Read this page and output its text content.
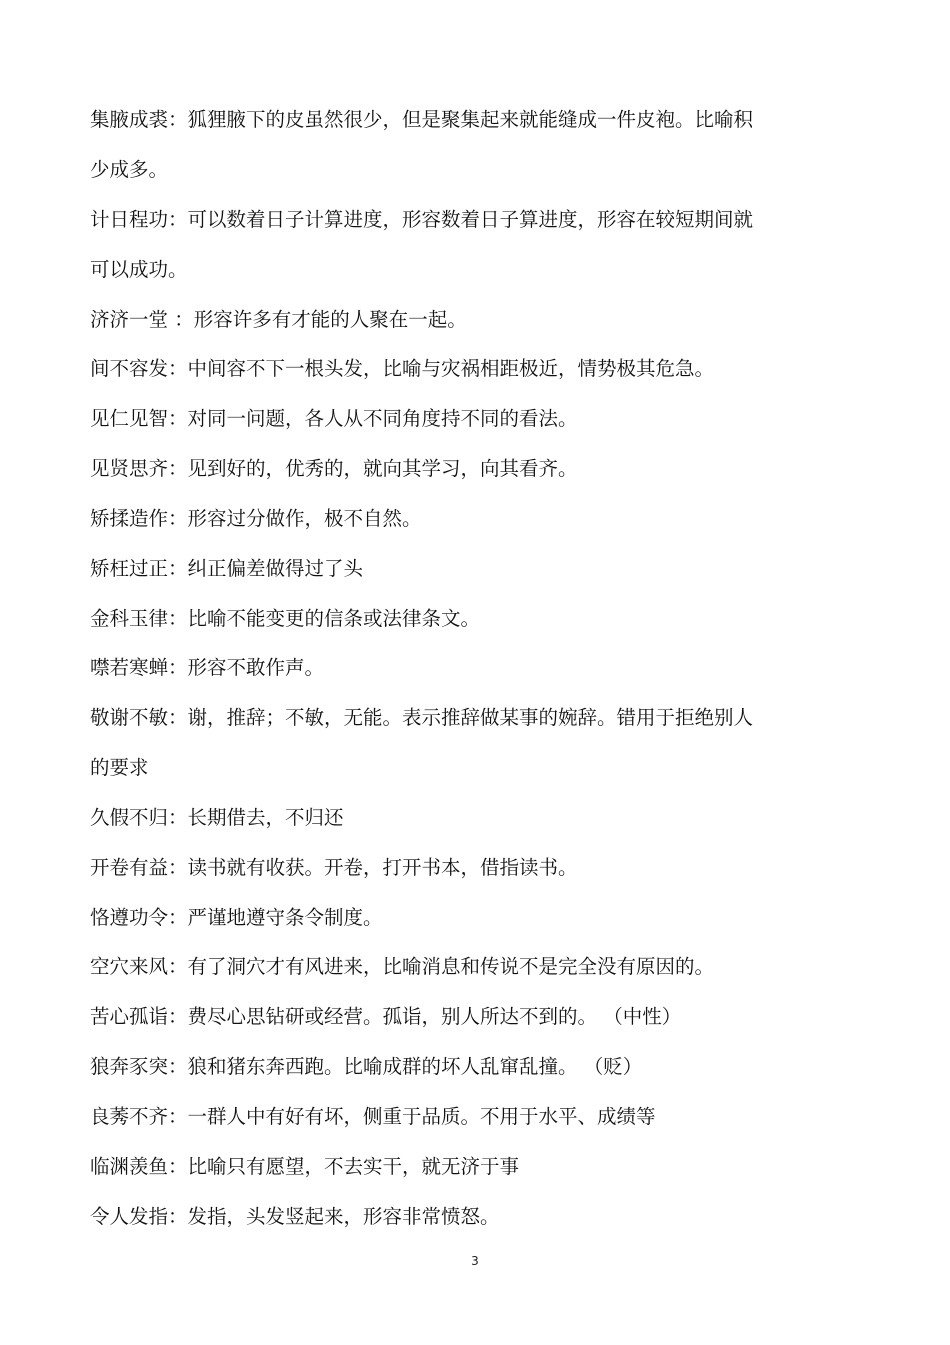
集腋成裘：狐狸腋下的皮虽然很少，但是聚集起来就能缝成一件皮袍。比喻积
少成多。
计日程功：可以数着日子计算进度，形容数着日子算进度，形容在较短期间就
可以成功。
济济一堂 ：形容许多有才能的人聚在一起。
间不容发：中间容不下一根头发，比喻与灾祸相距极近，情势极其危急。
见仁见智：对同一问题，各人从不同角度持不同的看法。
见贤思齐：见到好的，优秀的，就向其学习，向其看齐。
矫揉造作：形容过分做作，极不自然。
矫枉过正：纠正偏差做得过了头
金科玉律：比喻不能变更的信条或法律条文。
噤若寒蝉：形容不敢作声。
敬谢不敏：谢，推辞；不敏，无能。表示推辞做某事的婉辞。错用于拒绝别人
的要求
久假不归：长期借去，不归还
开卷有益：读书就有收获。开卷，打开书本，借指读书。
恪遵功令：严谨地遵守条令制度。
空穴来风：有了洞穴才有风进来，比喻消息和传说不是完全没有原因的。
苦心孤诣：费尽心思钻研或经营。孤诣，别人所达不到的。 （中性）
狼奔豕突：狼和猪东奔西跑。比喻成群的坏人乱窜乱撞。 （贬）
良莠不齐：一群人中有好有坏，侧重于品质。不用于水平、成绩等
临渊羡鱼：比喻只有愿望，不去实干，就无济于事
令人发指：发指，头发竖起来，形容非常愤怒。
3
